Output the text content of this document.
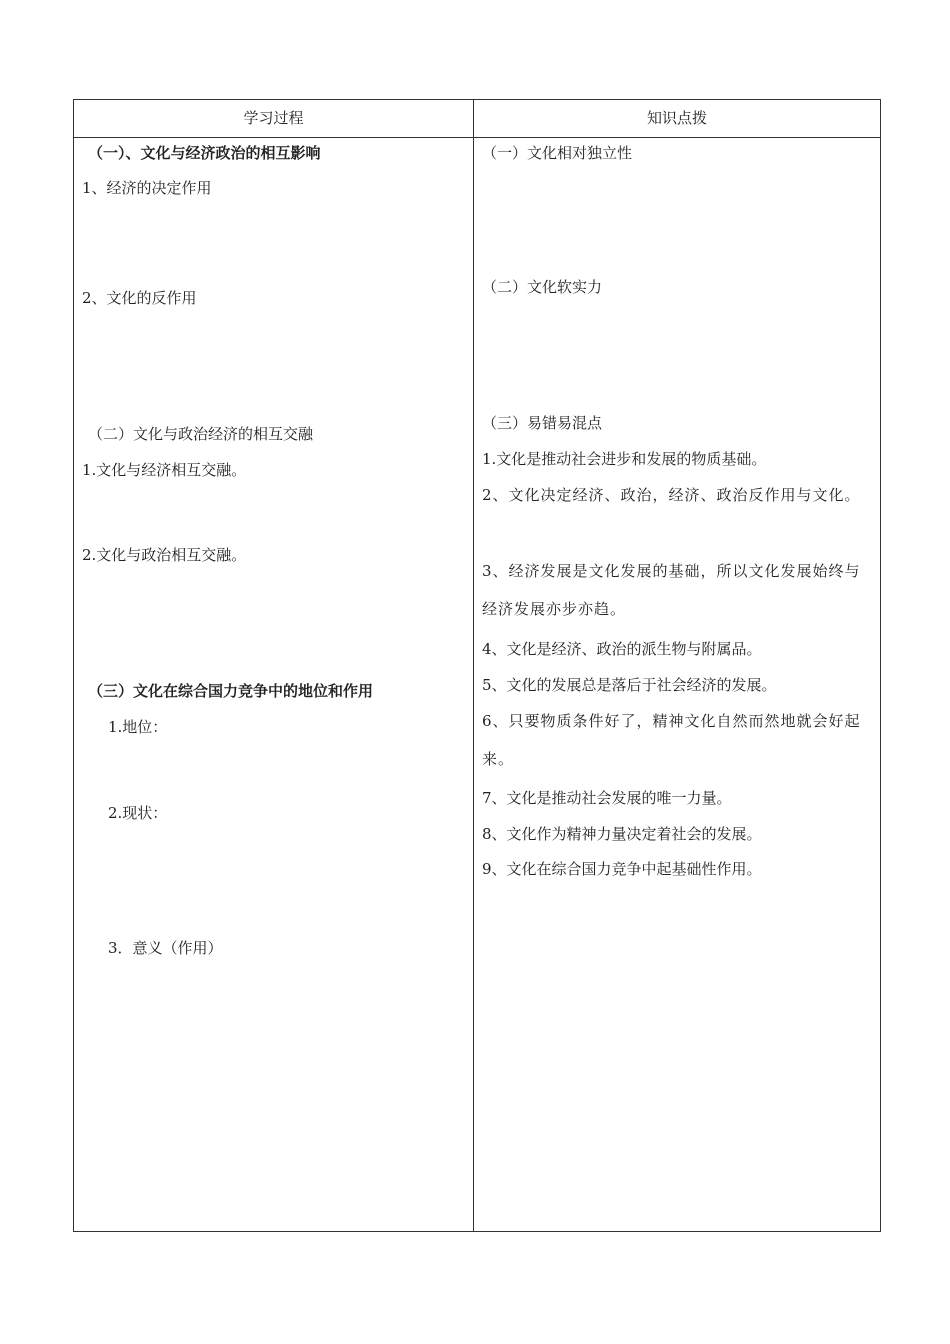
学习过程	知识点拨
（一）、文化与经济政治的相互影响
1、经济的决定作用
2、文化的反作用
（二）文化与政治经济的相互交融
1.文化与经济相互交融。
2.文化与政治相互交融。
（三）文化在综合国力竞争中的地位和作用
1.地位：
2.现状：
3．意义（作用）
（一）文化相对独立性
（二）文化软实力
（三）易错易混点
1.文化是推动社会进步和发展的物质基础。
2、文化决定经济、政治，经济、政治反作用与文化。
3、经济发展是文化发展的基础，所以文化发展始终与经济发展亦步亦趋。
4、文化是经济、政治的派生物与附属品。
5、文化的发展总是落后于社会经济的发展。
6、只要物质条件好了，精神文化自然而然地就会好起来。
7、文化是推动社会发展的唯一力量。
8、文化作为精神力量决定着社会的发展。
9、文化在综合国力竞争中起基础性作用。
